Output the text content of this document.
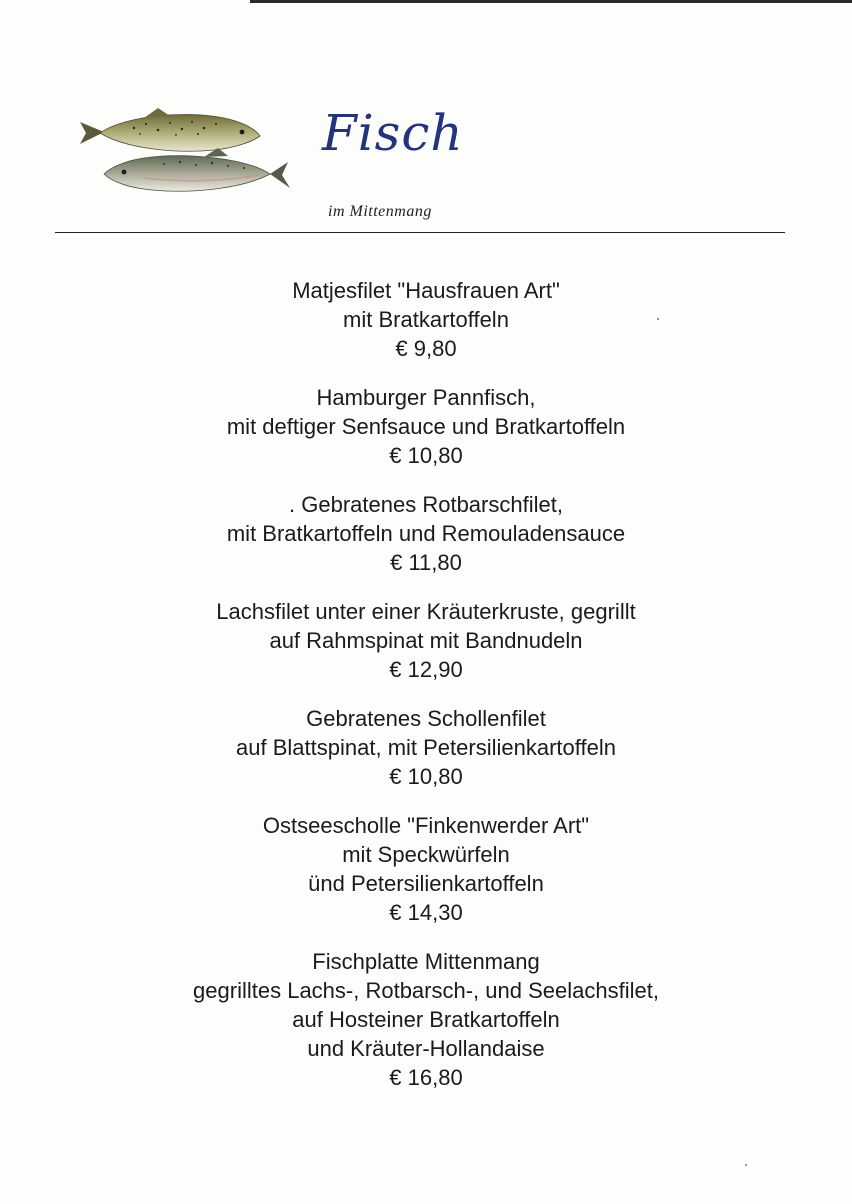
Fisch
im Mittenmang
Matjesfilet "Hausfrauen Art"
mit Bratkartoffeln
€ 9,80
Hamburger Pannfisch,
mit deftiger Senfsauce und Bratkartoffeln
€ 10,80
. Gebratenes Rotbarschfilet,
mit Bratkartoffeln und Remouladensauce
€ 11,80
Lachsfilet unter einer Kräuterkruste, gegrillt
auf Rahmspinat mit Bandnudeln
€ 12,90
Gebratenes Schollenfilet
auf Blattspinat, mit Petersilienkartoffeln
€ 10,80
Ostseescholle "Finkenwerder Art"
mit Speckwürfeln
ünd Petersilienkartoffeln
€ 14,30
Fischplatte Mittenmang
gegrilltes Lachs-, Rotbarsch-, und Seelachsfilet,
auf Hosteiner Bratkartoffeln
und Kräuter-Hollandaise
€ 16,80
